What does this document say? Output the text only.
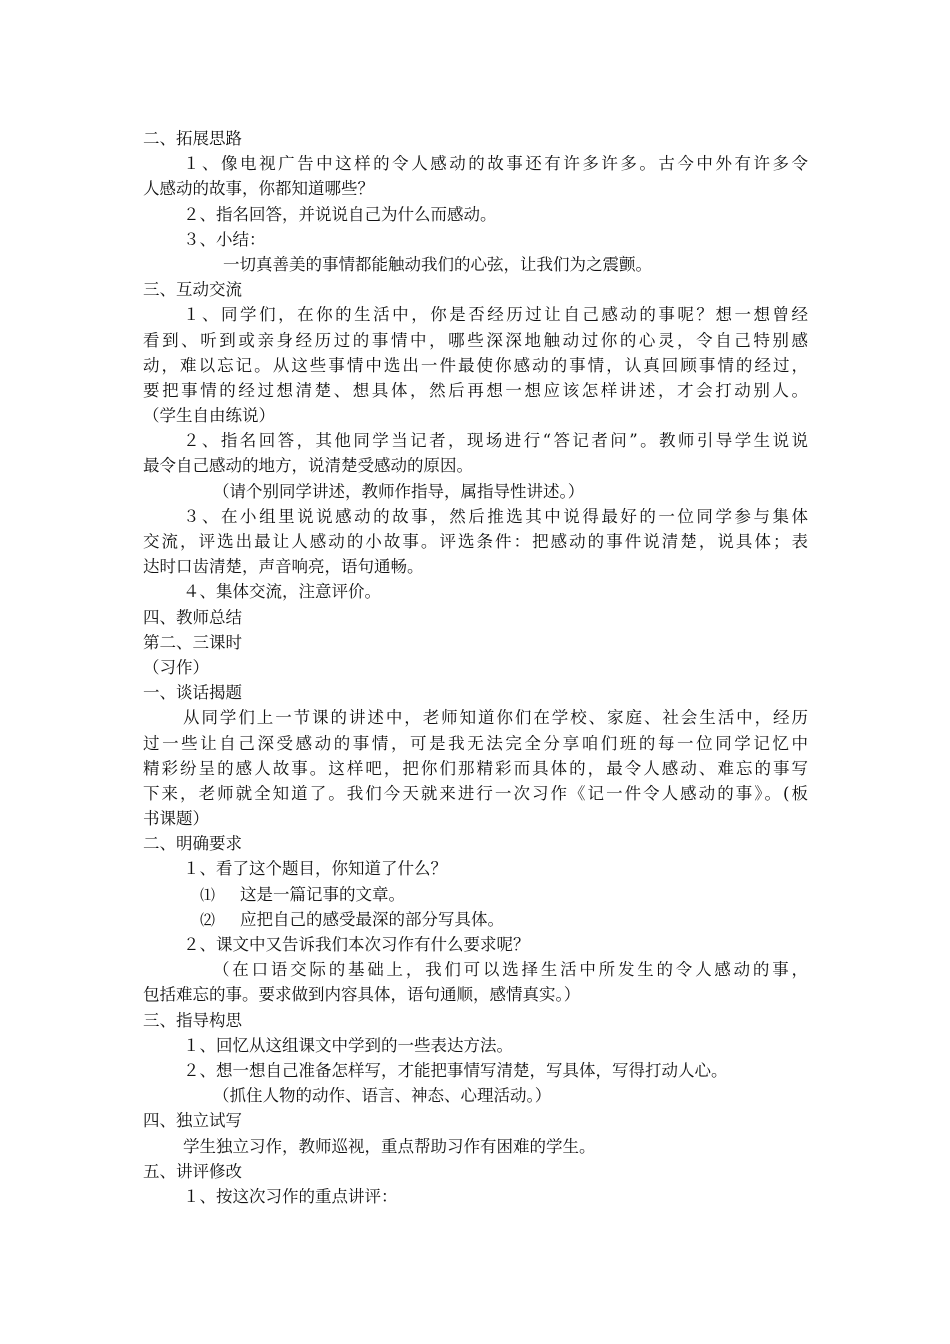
二、拓展思路
１、像电视广告中这样的令人感动的故事还有许多许多。古今中外有许多令
人感动的故事，你都知道哪些？
２、指名回答，并说说自己为什么而感动。
３、小结：
一切真善美的事情都能触动我们的心弦，让我们为之震颤。
三、互动交流
１、同学们，在你的生活中，你是否经历过让自己感动的事呢？想一想曾经
看到、听到或亲身经历过的事情中，哪些深深地触动过你的心灵，令自己特别感
动，难以忘记。从这些事情中选出一件最使你感动的事情，认真回顾事情的经过，
要把事情的经过想清楚、想具体，然后再想一想应该怎样讲述，才会打动别人。
（学生自由练说）
２、指名回答，其他同学当记者，现场进行“答记者问”。教师引导学生说说
最令自己感动的地方，说清楚受感动的原因。
（请个别同学讲述，教师作指导，属指导性讲述。）
３、在小组里说说感动的故事，然后推选其中说得最好的一位同学参与集体
交流，评选出最让人感动的小故事。评选条件：把感动的事件说清楚，说具体；表
达时口齿清楚，声音响亮，语句通畅。
４、集体交流，注意评价。
四、教师总结
第二、三课时
（习作）
一、谈话揭题
从同学们上一节课的讲述中，老师知道你们在学校、家庭、社会生活中，经历
过一些让自己深受感动的事情，可是我无法完全分享咱们班的每一位同学记忆中
精彩纷呈的感人故事。这样吧，把你们那精彩而具体的，最令人感动、难忘的事写
下来，老师就全知道了。我们今天就来进行一次习作《记一件令人感动的事》。(板
书课题）
二、明确要求
１、看了这个题目，你知道了什么？
⑴ 这是一篇记事的文章。
⑵ 应把自己的感受最深的部分写具体。
２、课文中又告诉我们本次习作有什么要求呢？
（在口语交际的基础上，我们可以选择生活中所发生的令人感动的事，
包括难忘的事。要求做到内容具体，语句通顺，感情真实。）
三、指导构思
１、回忆从这组课文中学到的一些表达方法。
２、想一想自己准备怎样写，才能把事情写清楚，写具体，写得打动人心。
（抓住人物的动作、语言、神态、心理活动。）
四、独立试写
学生独立习作，教师巡视，重点帮助习作有困难的学生。
五、讲评修改
１、按这次习作的重点讲评：
